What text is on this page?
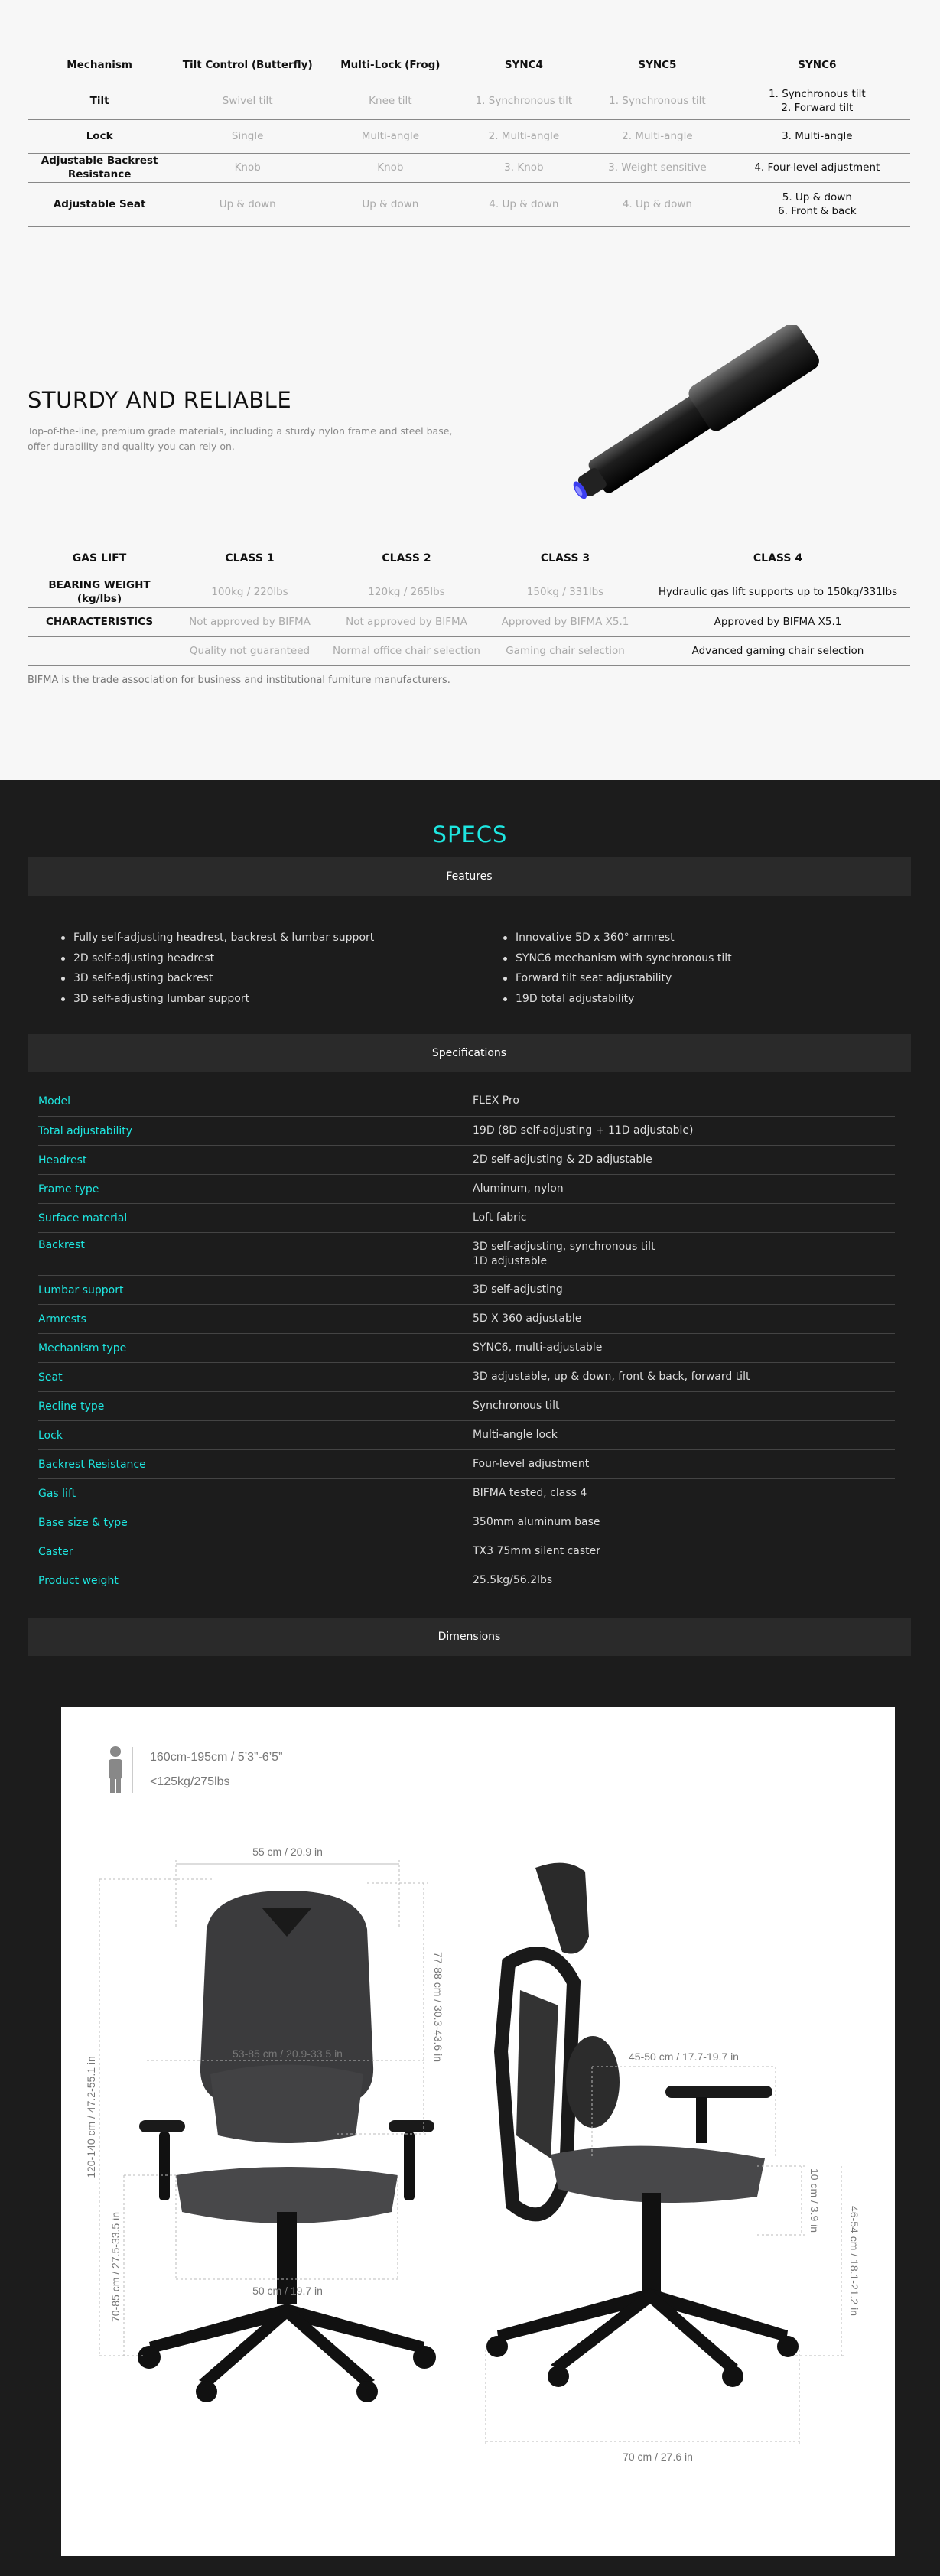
Mechanism	Tilt Control (Butterfly)	Multi-Lock (Frog)	SYNC4	SYNC5	SYNC6
Tilt	Swivel tilt	Knee tilt	1. Synchronous tilt	1. Synchronous tilt	1. Synchronous tilt
2. Forward tilt

Lock	Single	Multi-angle	2. Multi-angle	2. Multi-angle	3. Multi-angle
Adjustable Backrest Resistance	Knob	Knob	3. Knob	3. Weight sensitive	4. Four-level adjustment
Adjustable Seat	Up & down	Up & down	4. Up & down	4. Up & down	5. Up & down
6. Front & back
STURDY AND RELIABLE
Top-of-the-line, premium grade materials, including a sturdy nylon frame and steel base, offer durability and quality you can rely on.
GAS LIFT	CLASS 1	CLASS 2	CLASS 3	CLASS 4
BEARING WEIGHT (kg/lbs)	100kg / 220lbs	120kg / 265lbs	150kg / 331lbs	Hydraulic gas lift supports up to 150kg/331lbs
CHARACTERISTICS	Not approved by BIFMA	Not approved by BIFMA	Approved by BIFMA X5.1	Approved by BIFMA X5.1
	Quality not guaranteed	Normal office chair selection	Gaming chair selection	Advanced gaming chair selection
BIFMA is the trade association for business and institutional furniture manufacturers.
SPECS
Features
Fully self-adjusting headrest, backrest & lumbar support
2D self-adjusting headrest
3D self-adjusting backrest
3D self-adjusting lumbar support
Innovative 5D x 360° armrest
SYNC6 mechanism with synchronous tilt
Forward tilt seat adjustability
19D total adjustability
Specifications
Model	FLEX Pro
Total adjustability	19D (8D self-adjusting + 11D adjustable)
Headrest	2D self-adjusting & 2D adjustable
Frame type	Aluminum, nylon
Surface material	Loft fabric
Backrest	3D self-adjusting, synchronous tilt
1D adjustable
Lumbar support	3D self-adjusting
Armrests	5D X 360 adjustable
Mechanism type	SYNC6, multi-adjustable
Seat	3D adjustable, up & down, front & back, forward tilt
Recline type	Synchronous tilt
Lock	Multi-angle lock
Backrest Resistance	Four-level adjustment
Gas lift	BIFMA tested, class 4
Base size & type	350mm aluminum base
Caster	TX3 75mm silent caster
Product weight	25.5kg/56.2lbs
Dimensions
160cm-195cm / 5’3”-6’5”
<125kg/275lbs
55 cm / 20.9 in
53-85 cm / 20.9-33.5 in
50 cm / 19.7 in
77-88 cm / 30.3-43.6 in
120-140 cm / 47.2-55.1 in
70-85 cm / 27.5-33.5 in
45-50 cm / 17.7-19.7 in
10 cm / 3.9 in
46-54 cm / 18.1-21.2 in
70 cm / 27.6 in
